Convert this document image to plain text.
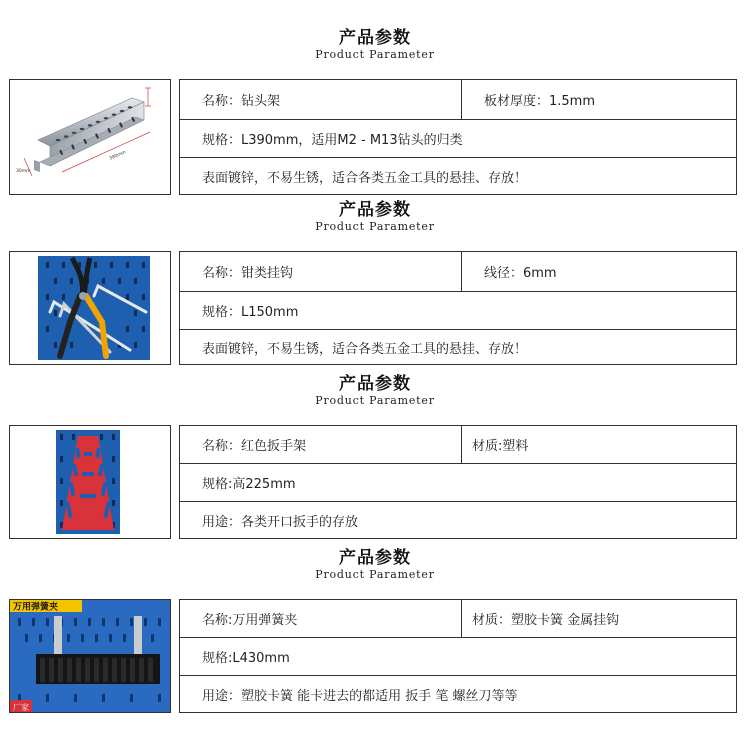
产品参数
Product Parameter
390mm
30mm
名称：钻头架	板材厚度：1.5mm
规格：L390mm，适用M2 - M13钻头的归类
表面镀锌，不易生锈，适合各类五金工具的悬挂、存放！
产品参数
Product Parameter
名称：钳类挂钩	线径：6mm
规格：L150mm
表面镀锌，不易生锈，适合各类五金工具的悬挂、存放！
产品参数
Product Parameter
名称：红色扳手架	材质:塑料
规格:高225mm
用途：各类开口扳手的存放
产品参数
Product Parameter
万用弹簧夹
厂家
名称:万用弹簧夹	材质：塑胶卡簧 金属挂钩
规格:L430mm
用途：塑胶卡簧 能卡进去的都适用 扳手 笔 螺丝刀等等
